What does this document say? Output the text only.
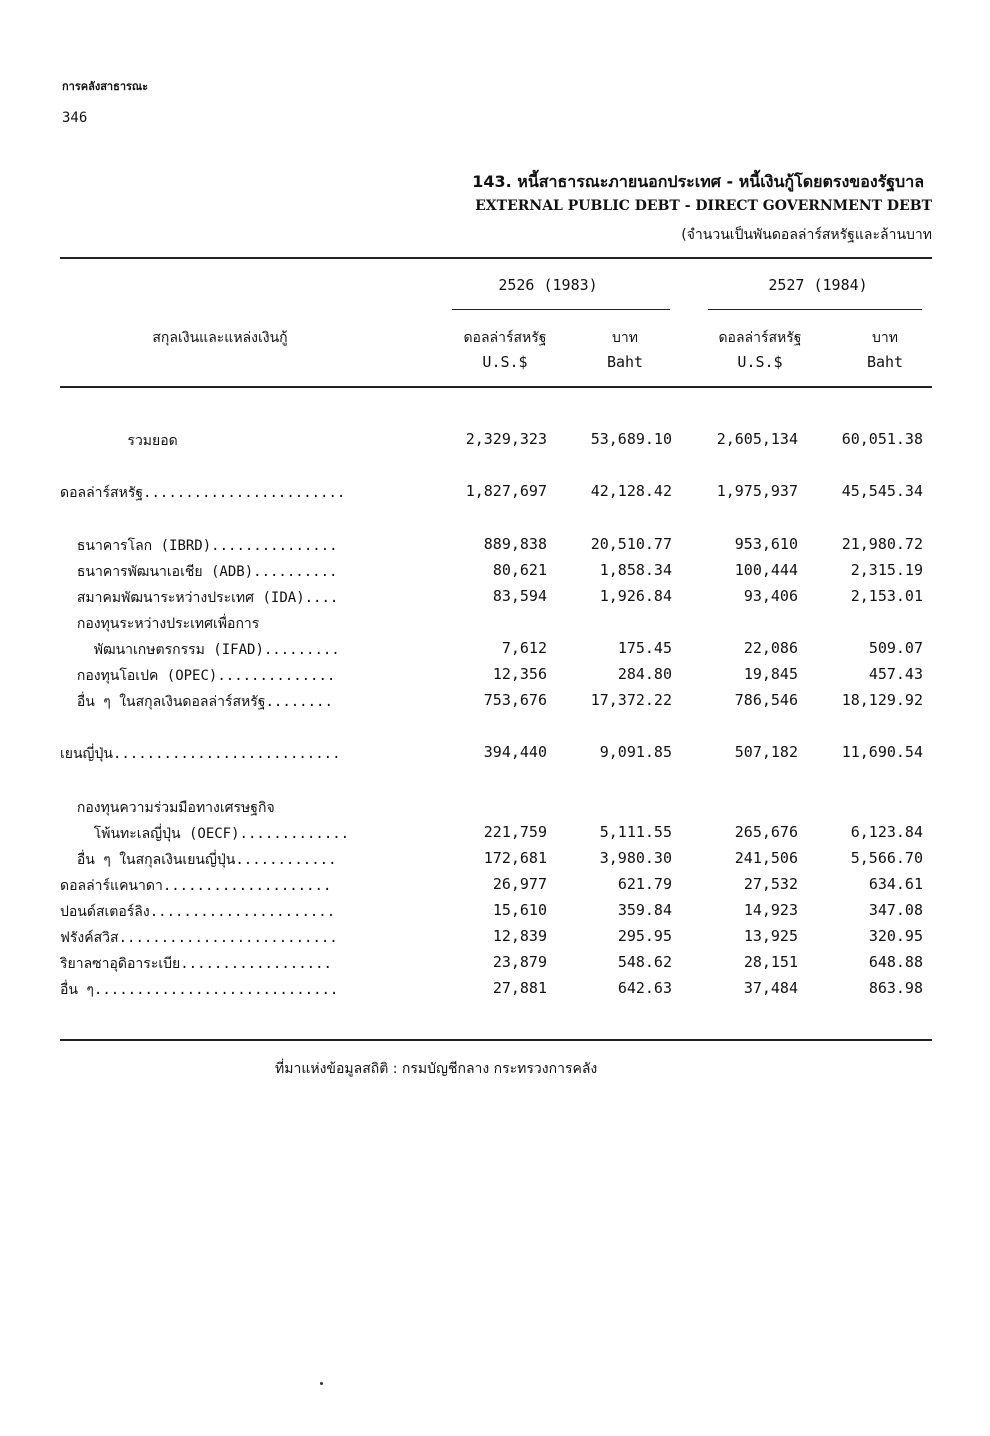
การคลังสาธารณะ
346
143. หนี้สาธารณะภายนอกประเทศ - หนี้เงินกู้โดยตรงของรัฐบาล
EXTERNAL PUBLIC DEBT - DIRECT GOVERNMENT DEBT
(จำนวนเป็นพันดอลล่าร์สหรัฐและล้านบาท
2526 (1983)	2527 (1984)
สกุลเงินและแหล่งเงินกู้	ดอลล่าร์สหรัฐ	บาท	ดอลล่าร์สหรัฐ	บาท
U.S.$	Baht	U.S.$	Baht
รวมยอด	2,329,323	53,689.10	2,605,134	60,051.38
ดอลล่าร์สหรัฐ........................	1,827,697	42,128.42	1,975,937	45,545.34
ธนาคารโลก (IBRD)...............	889,838	20,510.77	953,610	21,980.72
ธนาคารพัฒนาเอเชีย (ADB)..........	80,621	1,858.34	100,444	2,315.19
สมาคมพัฒนาระหว่างประเทศ (IDA)....	83,594	1,926.84	93,406	2,153.01
กองทุนระหว่างประเทศเพื่อการ
พัฒนาเกษตรกรรม (IFAD).........	7,612	175.45	22,086	509.07
กองทุนโอเปค (OPEC)..............	12,356	284.80	19,845	457.43
อื่น ๆ ในสกุลเงินดอลล่าร์สหรัฐ........	753,676	17,372.22	786,546	18,129.92
เยนญี่ปุ่น...........................	394,440	9,091.85	507,182	11,690.54
กองทุนความร่วมมือทางเศรษฐกิจ
โพ้นทะเลญี่ปุ่น (OECF).............	221,759	5,111.55	265,676	6,123.84
อื่น ๆ ในสกุลเงินเยนญี่ปุ่น............	172,681	3,980.30	241,506	5,566.70
ดอลล่าร์แคนาดา....................	26,977	621.79	27,532	634.61
ปอนด์สเตอร์ลิง......................	15,610	359.84	14,923	347.08
ฟรังค์สวิส..........................	12,839	295.95	13,925	320.95
ริยาลซาอุดิอาระเบีย..................	23,879	548.62	28,151	648.88
อื่น ๆ.............................	27,881	642.63	37,484	863.98
ที่มาแห่งข้อมูลสถิติ : กรมบัญชีกลาง กระทรวงการคลัง
